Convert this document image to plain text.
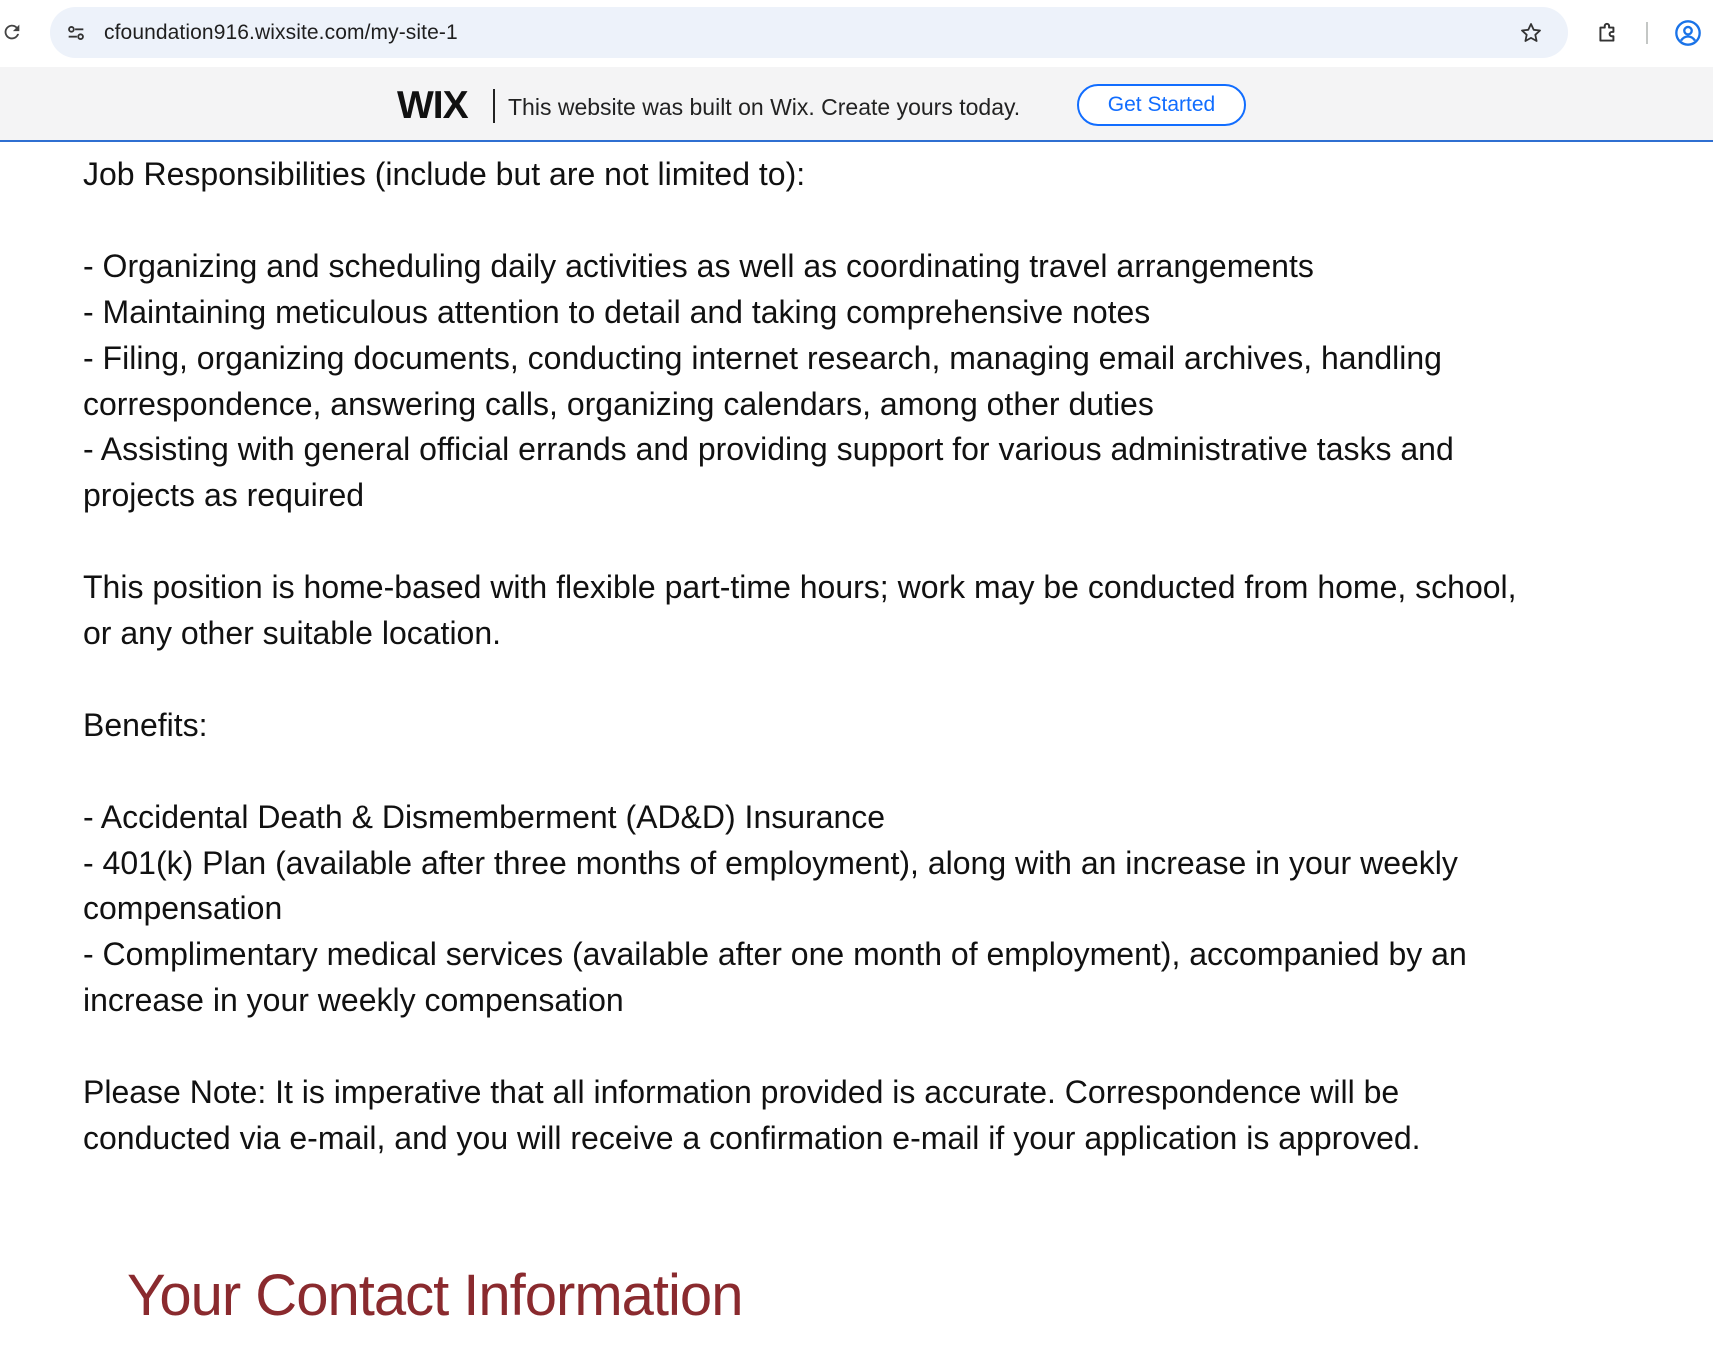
cfoundation916.wixsite.com/my-site-1
WIX This website was built on Wix. Create yours today.	Get Started

Job Responsibilities (include but are not limited to):

- Organizing and scheduling daily activities as well as coordinating travel arrangements

- Maintaining meticulous attention to detail and taking comprehensive notes

- Filing, organizing documents, conducting internet research, managing email archives, handling correspondence, answering calls, organizing calendars, among other duties

- Assisting with general official errands and providing support for various administrative tasks and projects as required

This position is home-based with flexible part-time hours; work may be conducted from home, school, or any other suitable location.

Benefits:

- Accidental Death & Dismemberment (AD&D) Insurance

- 401(k) Plan (available after three months of employment), along with an increase in your weekly compensation

- Complimentary medical services (available after one month of employment), accompanied by an increase in your weekly compensation

Please Note: It is imperative that all information provided is accurate. Correspondence will be conducted via e-mail, and you will receive a confirmation e-mail if your application is approved.

Your Contact Information
